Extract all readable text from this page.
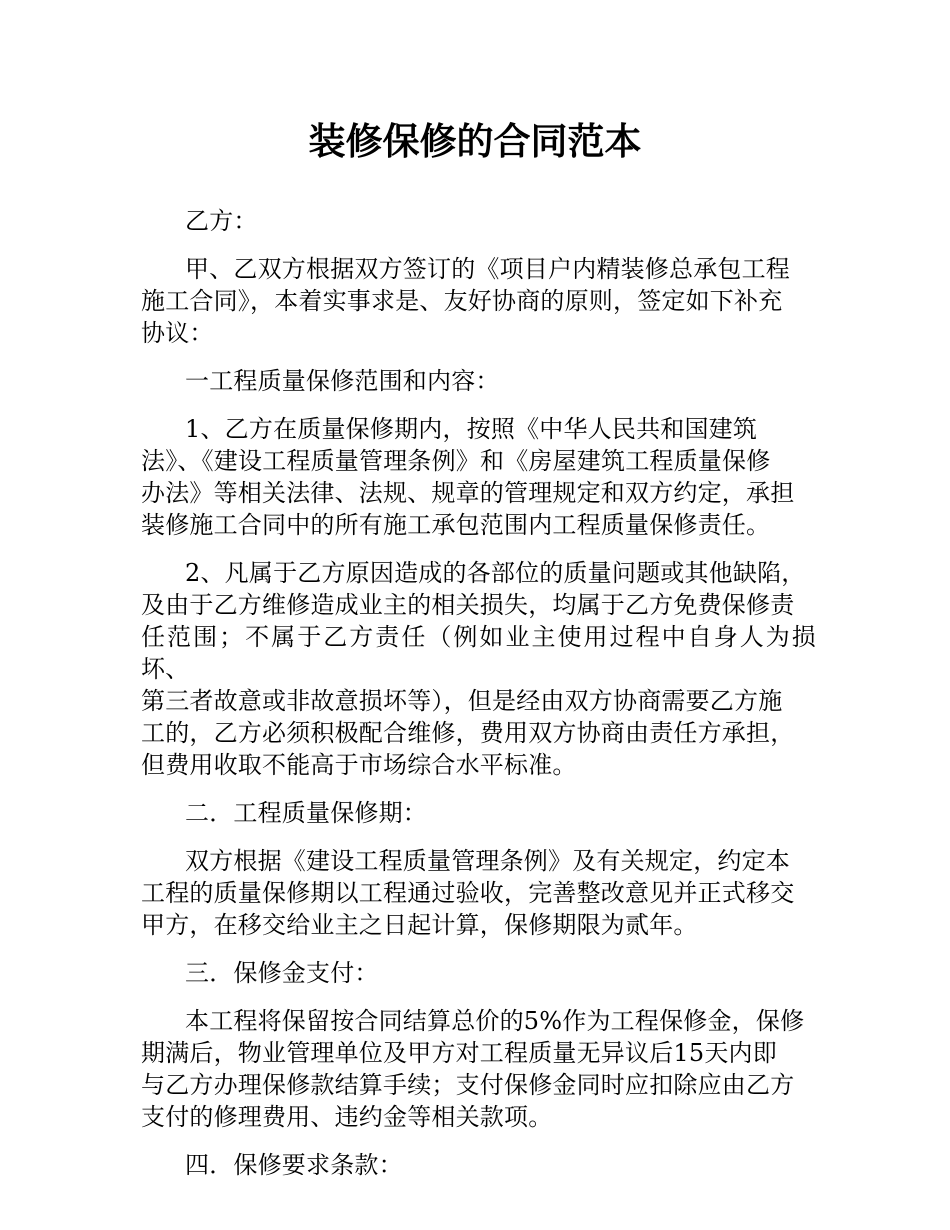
装修保修的合同范本

乙方：

甲、乙双方根据双方签订的《项目户内精装修总承包工程
施工合同》，本着实事求是、友好协商的原则，签定如下补充
协议：

一工程质量保修范围和内容：

1、乙方在质量保修期内，按照《中华人民共和国建筑
法》、《建设工程质量管理条例》和《房屋建筑工程质量保修
办法》等相关法律、法规、规章的管理规定和双方约定，承担
装修施工合同中的所有施工承包范围内工程质量保修责任。

2、凡属于乙方原因造成的各部位的质量问题或其他缺陷，
及由于乙方维修造成业主的相关损失，均属于乙方免费保修责
任范围；不属于乙方责任（例如业主使用过程中自身人为损坏、
第三者故意或非故意损坏等），但是经由双方协商需要乙方施
工的，乙方必须积极配合维修，费用双方协商由责任方承担，
但费用收取不能高于市场综合水平标准。

二．工程质量保修期：

双方根据《建设工程质量管理条例》及有关规定，约定本
工程的质量保修期以工程通过验收，完善整改意见并正式移交
甲方，在移交给业主之日起计算，保修期限为贰年。

三．保修金支付：

本工程将保留按合同结算总价的5%作为工程保修金，保修
期满后，物业管理单位及甲方对工程质量无异议后15天内即
与乙方办理保修款结算手续；支付保修金同时应扣除应由乙方
支付的修理费用、违约金等相关款项。

四．保修要求条款：
